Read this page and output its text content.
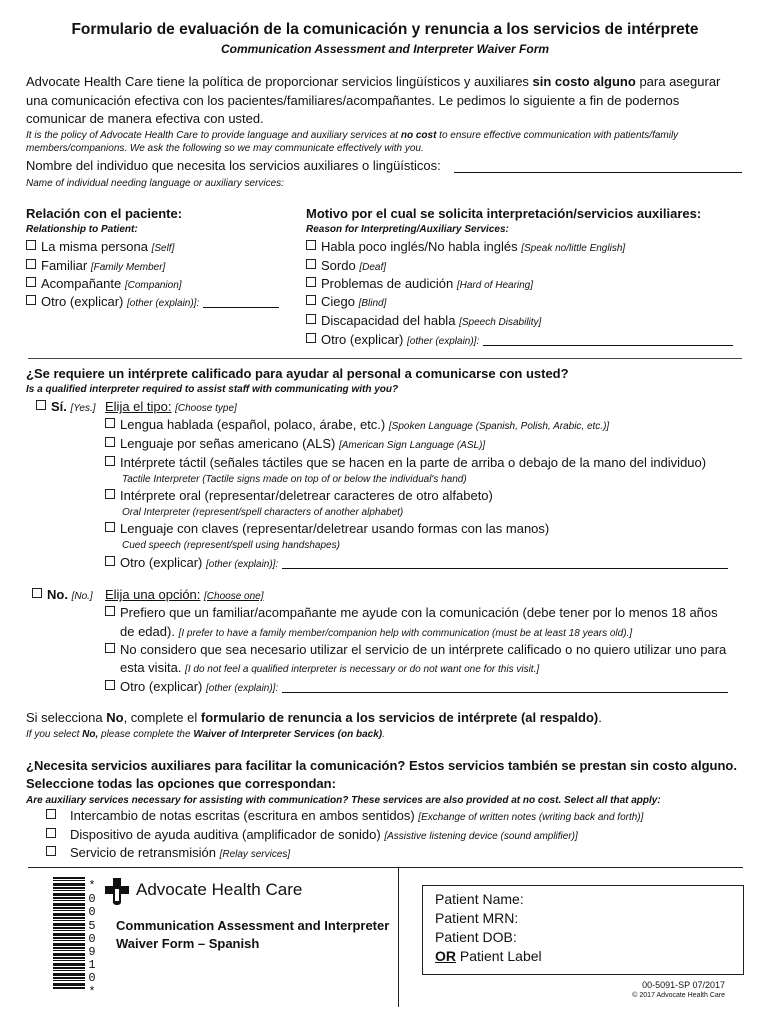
Formulario de evaluación de la comunicación y renuncia a los servicios de intérprete
Communication Assessment and Interpreter Waiver Form
Advocate Health Care tiene la política de proporcionar servicios lingüísticos y auxiliares sin costo alguno para asegurar
una comunicación efectiva con los pacientes/familiares/acompañantes. Le pedimos lo siguiente a fin de podernos
comunicar de manera efectiva con usted.
It is the policy of Advocate Health Care to provide language and auxiliary services at no cost to ensure effective communication with patients/family
members/companions. We ask the following so we may communicate effectively with you.
Nombre del individuo que necesita los servicios auxiliares o lingüísticos:
Name of individual needing language or auxiliary services:
Relación con el paciente:
Relationship to Patient:
La misma persona [Self]
Familiar [Family Member]
Acompañante [Companion]
Otro (explicar) [other (explain)]:
Motivo por el cual se solicita interpretación/servicios auxiliares:
Reason for Interpreting/Auxiliary Services:
Habla poco inglés/No habla inglés [Speak no/little English]
Sordo [Deaf]
Problemas de audición [Hard of Hearing]
Ciego [Blind]
Discapacidad del habla [Speech Disability]
Otro (explicar) [other (explain)]:
¿Se requiere un intérprete calificado para ayudar al personal a comunicarse con usted?
Is a qualified interpreter required to assist staff with communicating with you?
Sí. [Yes.] Elija el tipo: [Choose type]
Lengua hablada (español, polaco, árabe, etc.) [Spoken Language (Spanish, Polish, Arabic, etc.)]
Lenguaje por señas americano (ALS) [American Sign Language (ASL)]
Intérprete táctil (señales táctiles que se hacen en la parte de arriba o debajo de la mano del individuo)
Tactile Interpreter (Tactile signs made on top of or below the individual's hand)
Intérprete oral (representar/deletrear caracteres de otro alfabeto)
Oral Interpreter (represent/spell characters of another alphabet)
Lenguaje con claves (representar/deletrear usando formas con las manos)
Cued speech (represent/spell using handshapes)
Otro (explicar) [other (explain)]:
No. [No.] Elija una opción: [Choose one]
Prefiero que un familiar/acompañante me ayude con la comunicación (debe tener por lo menos 18 años
de edad). [I prefer to have a family member/companion help with communication (must be at least 18 years old).]
No considero que sea necesario utilizar el servicio de un intérprete calificado o no quiero utilizar uno para
esta visita. [I do not feel a qualified interpreter is necessary or do not want one for this visit.]
Otro (explicar) [other (explain)]:
Si selecciona No, complete el formulario de renuncia a los servicios de intérprete (al respaldo).
If you select No, please complete the Waiver of Interpreter Services (on back).
¿Necesita servicios auxiliares para facilitar la comunicación? Estos servicios también se prestan sin costo alguno.
Seleccione todas las opciones que correspondan:
Are auxiliary services necessary for assisting with communication? These services are also provided at no cost. Select all that apply:
Intercambio de notas escritas (escritura en ambos sentidos) [Exchange of written notes (writing back and forth)]
Dispositivo de ayuda auditiva (amplificador de sonido) [Assistive listening device (sound amplifier)]
Servicio de retransmisión [Relay services]
*0050910*
Advocate Health Care
Communication Assessment and Interpreter
Waiver Form – Spanish
Patient Name:
Patient MRN:
Patient DOB:
OR Patient Label
00-5091-SP 07/2017
© 2017 Advocate Health Care
